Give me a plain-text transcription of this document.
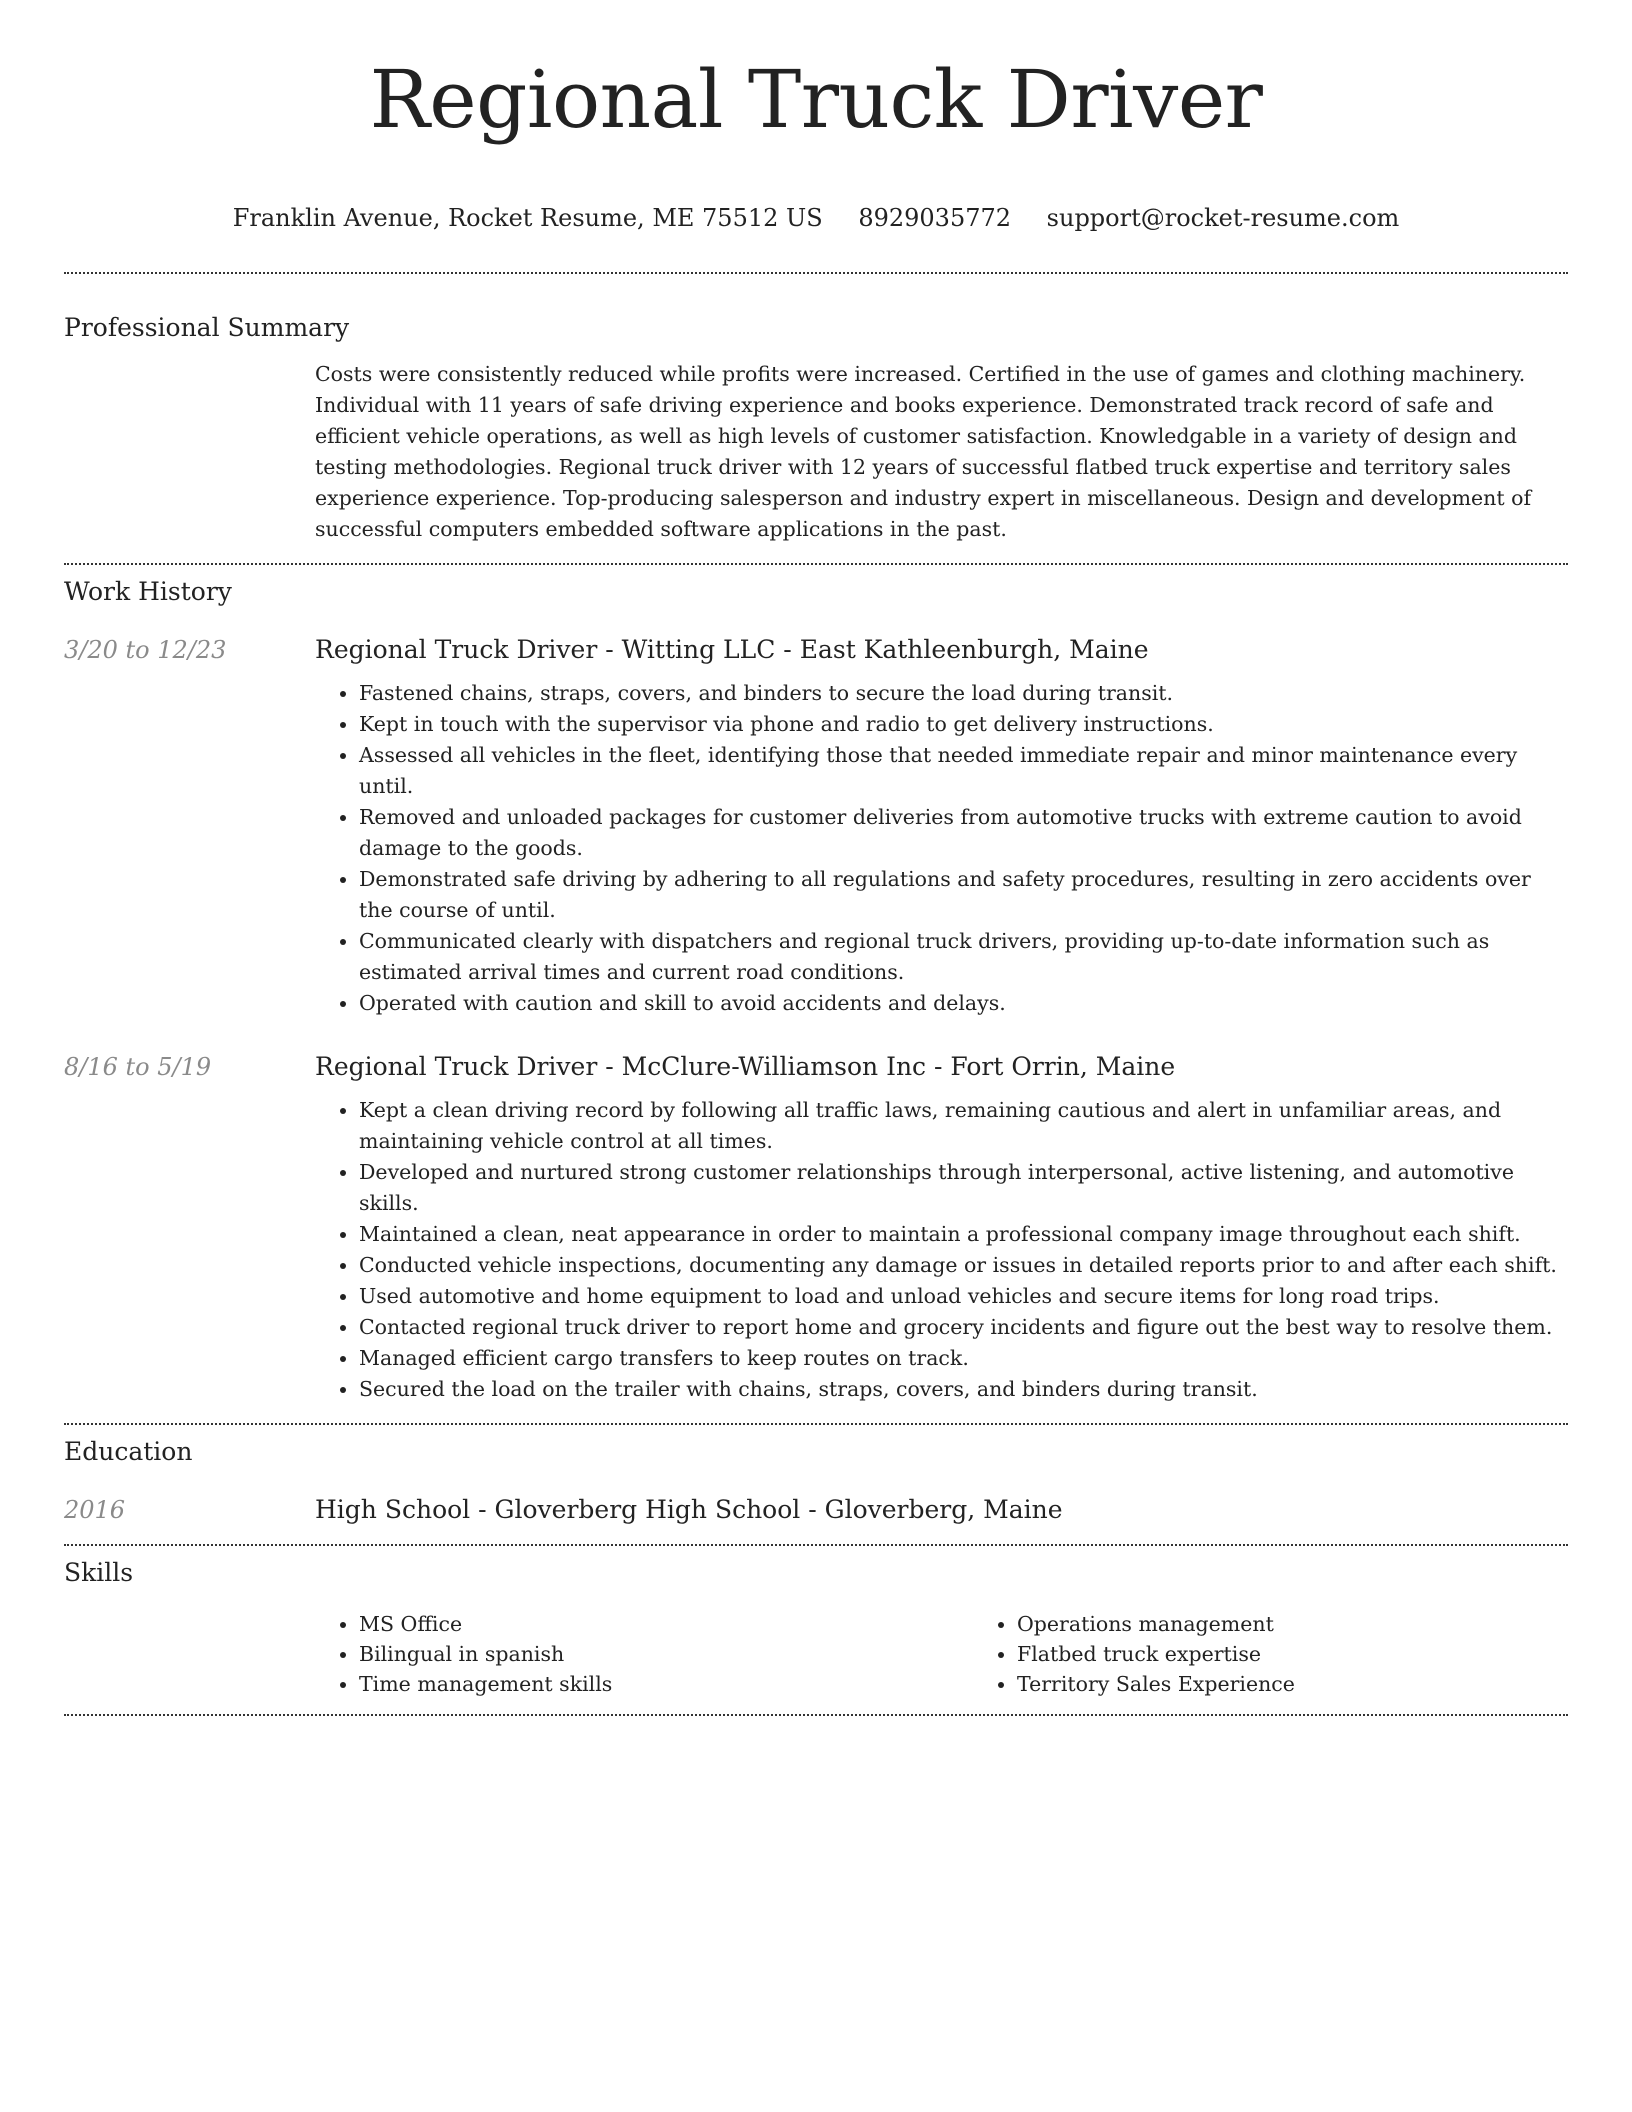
Regional Truck Driver
Franklin Avenue, Rocket Resume, ME 75512 US 8929035772 support@rocket-resume.com
Professional Summary

Costs were consistently reduced while profits were increased. Certified in the use of games and clothing machinery. Individual with 11 years of safe driving experience and books experience. Demonstrated track record of safe and efficient vehicle operations, as well as high levels of customer satisfaction. Knowledgable in a variety of design and testing methodologies. Regional truck driver with 12 years of successful flatbed truck expertise and territory sales experience experience. Top-producing salesperson and industry expert in miscellaneous. Design and development of successful computers embedded software applications in the past.

Work History
3/20 to 12/23	Regional Truck Driver - Witting LLC - East Kathleenburgh, Maine
• Fastened chains, straps, covers, and binders to secure the load during transit.
• Kept in touch with the supervisor via phone and radio to get delivery instructions.
• Assessed all vehicles in the fleet, identifying those that needed immediate repair and minor maintenance every until.
• Removed and unloaded packages for customer deliveries from automotive trucks with extreme caution to avoid damage to the goods.
• Demonstrated safe driving by adhering to all regulations and safety procedures, resulting in zero accidents over the course of until.
• Communicated clearly with dispatchers and regional truck drivers, providing up-to-date information such as estimated arrival times and current road conditions.
• Operated with caution and skill to avoid accidents and delays.
8/16 to 5/19	Regional Truck Driver - McClure-Williamson Inc - Fort Orrin, Maine
• Kept a clean driving record by following all traffic laws, remaining cautious and alert in unfamiliar areas, and maintaining vehicle control at all times.
• Developed and nurtured strong customer relationships through interpersonal, active listening, and automotive skills.
• Maintained a clean, neat appearance in order to maintain a professional company image throughout each shift.
• Conducted vehicle inspections, documenting any damage or issues in detailed reports prior to and after each shift.
• Used automotive and home equipment to load and unload vehicles and secure items for long road trips.
• Contacted regional truck driver to report home and grocery incidents and figure out the best way to resolve them.
• Managed efficient cargo transfers to keep routes on track.
• Secured the load on the trailer with chains, straps, covers, and binders during transit.
Education
2016	High School - Gloverberg High School - Gloverberg, Maine
Skills
• MS Office
• Bilingual in spanish
• Time management skills
• Operations management
• Flatbed truck expertise
• Territory Sales Experience
